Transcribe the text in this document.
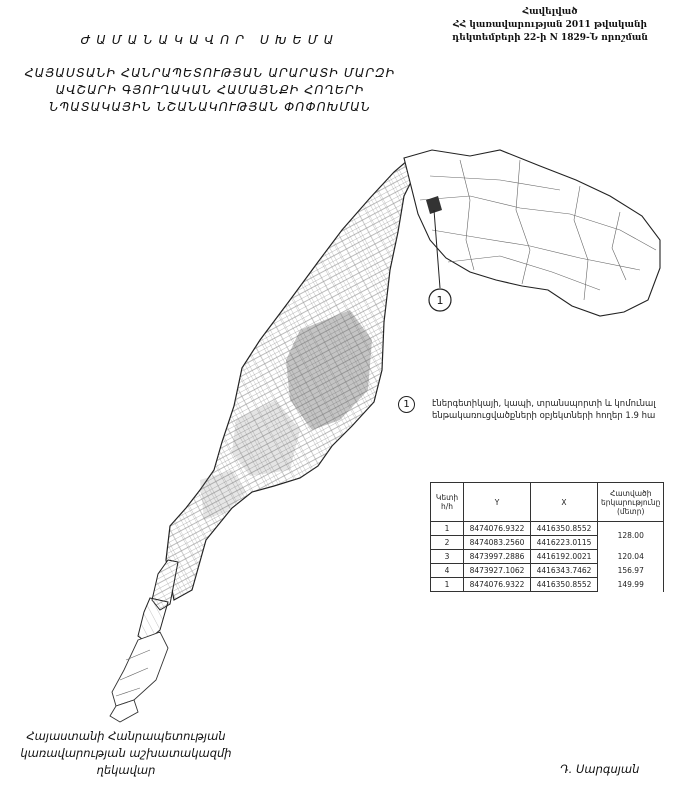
Հավելված
ՀՀ կառավարության 2011 թվականի
դեկտեմբերի 22-ի N 1829-Ն որոշման
ԺԱՄԱՆԱԿԱՎՈՐ ՍԽԵՄԱ
ՀԱՅԱՍՏԱՆԻ ՀԱՆՐԱՊԵՏՈՒԹՅԱՆ ԱՐԱՐԱՏԻ ՄԱՐԶԻ
ԱՎՇԱՐԻ ԳՅՈՒՂԱԿԱՆ ՀԱՄԱՅՆՔԻ ՀՈՂԵՐԻ
ՆՊԱՏԱԿԱՅԻՆ ՆՇԱՆԱԿՈՒԹՅԱՆ ՓՈՓՈԽՄԱՆ
1
1	էներգետիկայի, կապի, տրանսպորտի և կոմունալ ենթակառուցվածքների օբյեկտների հողեր 1.9 հա
Կետի հ/հ	Y	X	Հատվածի երկարությունը (մետր)
1	8474076.9322	4416350.8552	128.00
2	8474083.2560	4416223.0115	
3	8473997.2886	4416192.0021	120.04
4	8473927.1062	4416343.7462	156.97
1	8474076.9322	4416350.8552	149.99
Հայաստանի Հանրապետության
կառավարության աշխատակազմի
ղեկավար	Դ. Սարգսյան
